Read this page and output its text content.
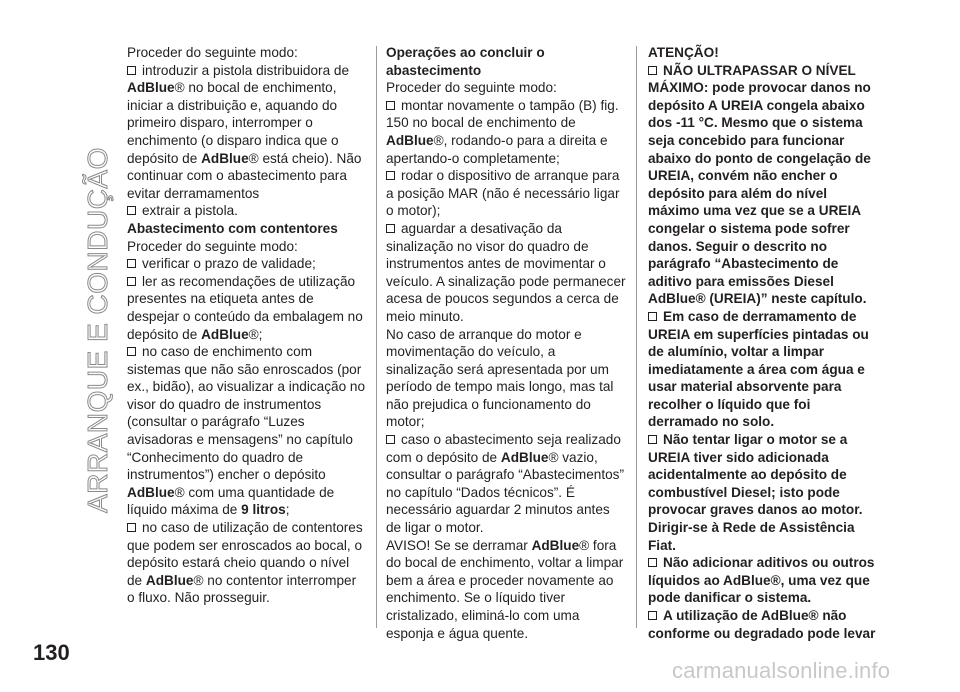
ARRANQUE E CONDUÇÃO
130

Proceder do seguinte modo:

introduzir a pistola distribuidora de AdBlue® no bocal de enchimento, iniciar a distribuição e, aquando do primeiro disparo, interromper o enchimento (o disparo indica que o depósito de AdBlue® está cheio). Não continuar com o abastecimento para evitar derramamentos

extrair a pistola.

Abastecimento com contentores

Proceder do seguinte modo:

verificar o prazo de validade;

ler as recomendações de utilização presentes na etiqueta antes de despejar o conteúdo da embalagem no depósito de AdBlue®;

no caso de enchimento com sistemas que não são enroscados (por ex., bidão), ao visualizar a indicação no visor do quadro de instrumentos (consultar o parágrafo “Luzes avisadoras e mensagens” no capítulo “Conhecimento do quadro de instrumentos”) encher o depósito AdBlue® com uma quantidade de líquido máxima de 9 litros;

no caso de utilização de contentores que podem ser enroscados ao bocal, o depósito estará cheio quando o nível de AdBlue® no contentor interromper o fluxo. Não prosseguir.

Operações ao concluir o abastecimento

Proceder do seguinte modo:

montar novamente o tampão (B) fig. 150 no bocal de enchimento de AdBlue®, rodando-o para a direita e apertando-o completamente;

rodar o dispositivo de arranque para a posição MAR (não é necessário ligar o motor);

aguardar a desativação da sinalização no visor do quadro de instrumentos antes de movimentar o veículo. A sinalização pode permanecer acesa de poucos segundos a cerca de meio minuto.

No caso de arranque do motor e movimentação do veículo, a sinalização será apresentada por um período de tempo mais longo, mas tal não prejudica o funcionamento do motor;

caso o abastecimento seja realizado com o depósito de AdBlue® vazio, consultar o parágrafo “Abastecimentos” no capítulo “Dados técnicos”. É necessário aguardar 2 minutos antes de ligar o motor.

AVISO! Se se derramar AdBlue® fora do bocal de enchimento, voltar a limpar bem a área e proceder novamente ao enchimento. Se o líquido tiver cristalizado, eliminá-lo com uma esponja e água quente.

ATENÇÃO!

NÃO ULTRAPASSAR O NÍVEL MÁXIMO: pode provocar danos no depósito A UREIA congela abaixo dos -11 °C. Mesmo que o sistema seja concebido para funcionar abaixo do ponto de congelação de UREIA, convém não encher o depósito para além do nível máximo uma vez que se a UREIA congelar o sistema pode sofrer danos. Seguir o descrito no parágrafo “Abastecimento de aditivo para emissões Diesel AdBlue® (UREIA)” neste capítulo.

Em caso de derramamento de UREIA em superfícies pintadas ou de alumínio, voltar a limpar imediatamente a área com água e usar material absorvente para recolher o líquido que foi derramado no solo.

Não tentar ligar o motor se a UREIA tiver sido adicionada acidentalmente ao depósito de combustível Diesel; isto pode provocar graves danos ao motor. Dirigir-se à Rede de Assistência Fiat.

Não adicionar aditivos ou outros líquidos ao AdBlue®, uma vez que pode danificar o sistema.

A utilização de AdBlue® não conforme ou degradado pode levar

carmanualsonline.info
